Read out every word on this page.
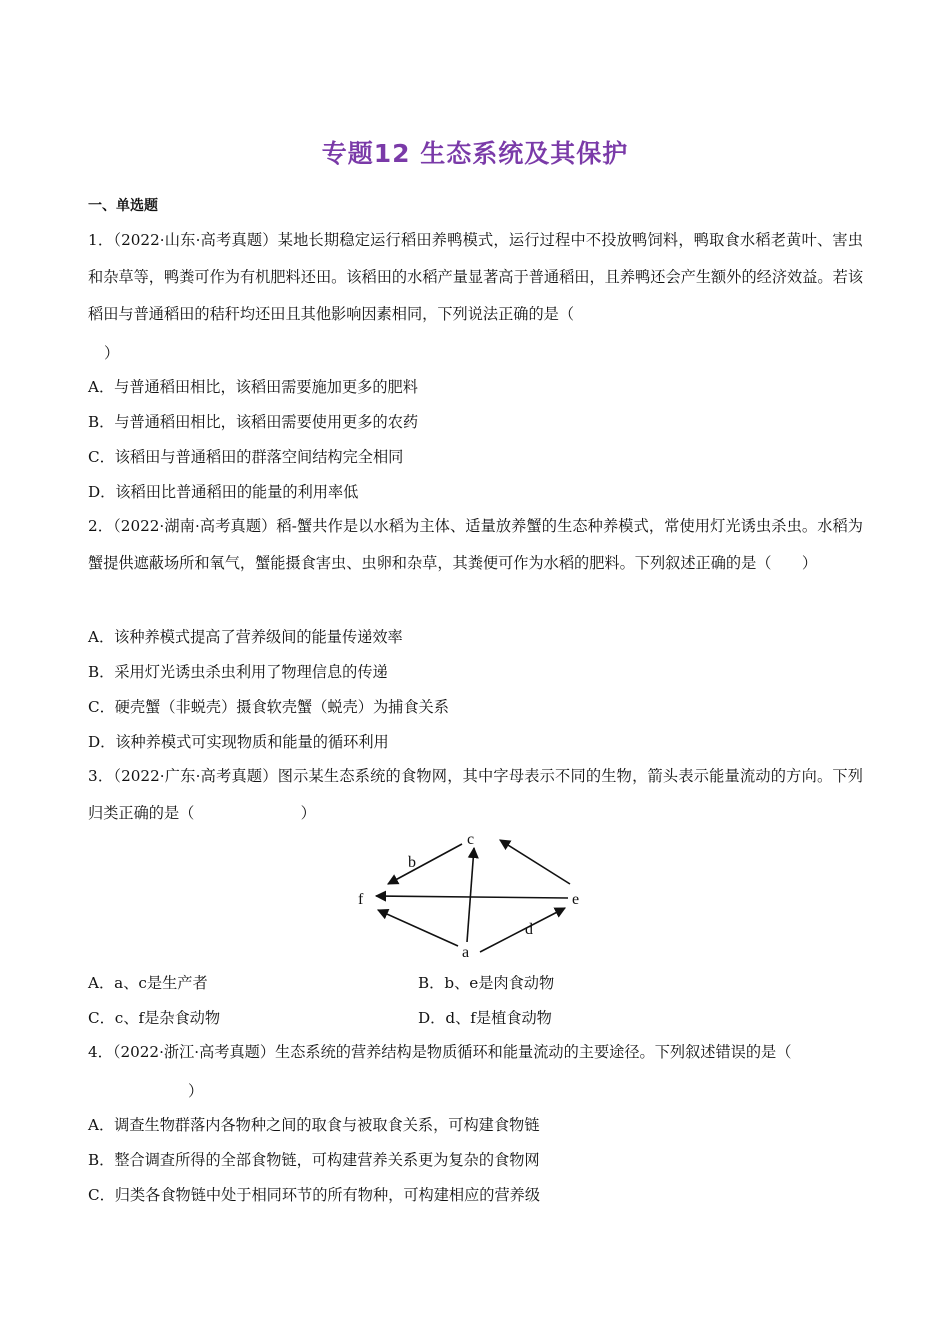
专题12 生态系统及其保护
一、单选题
1．（2022·山东·高考真题）某地长期稳定运行稻田养鸭模式，运行过程中不投放鸭饲料，鸭取食水稻老黄叶、害虫和杂草等，鸭粪可作为有机肥料还田。该稻田的水稻产量显著高于普通稻田，且养鸭还会产生额外的经济效益。若该稻田与普通稻田的秸秆均还田且其他影响因素相同，下列说法正确的是（
）
A．与普通稻田相比，该稻田需要施加更多的肥料
B．与普通稻田相比，该稻田需要使用更多的农药
C．该稻田与普通稻田的群落空间结构完全相同
D．该稻田比普通稻田的能量的利用率低
2．（2022·湖南·高考真题）稻-蟹共作是以水稻为主体、适量放养蟹的生态种养模式，常使用灯光诱虫杀虫。水稻为蟹提供遮蔽场所和氧气，蟹能摄食害虫、虫卵和杂草，其粪便可作为水稻的肥料。下列叙述正确的是（　　）
A．该种养模式提高了营养级间的能量传递效率
B．采用灯光诱虫杀虫利用了物理信息的传递
C．硬壳蟹（非蜕壳）摄食软壳蟹（蜕壳）为捕食关系
D．该种养模式可实现物质和能量的循环利用
3．（2022·广东·高考真题）图示某生态系统的食物网，其中字母表示不同的生物，箭头表示能量流动的方向。下列归类正确的是（　　　　　　　）
c
b
f	e
d
a
A．a、c是生产者	B．b、e是肉食动物
C．c、f是杂食动物	D．d、f是植食动物
4．（2022·浙江·高考真题）生态系统的营养结构是物质循环和能量流动的主要途径。下列叙述错误的是（
）
A．调查生物群落内各物种之间的取食与被取食关系，可构建食物链
B．整合调查所得的全部食物链，可构建营养关系更为复杂的食物网
C．归类各食物链中处于相同环节的所有物种，可构建相应的营养级
